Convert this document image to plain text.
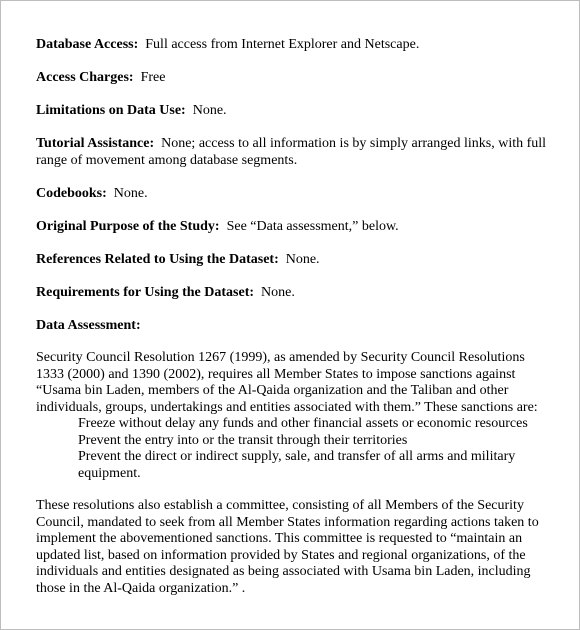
Database Access: Full access from Internet Explorer and Netscape.
Access Charges: Free
Limitations on Data Use: None.
Tutorial Assistance: None; access to all information is by simply arranged links, with full range of movement among database segments.
Codebooks: None.
Original Purpose of the Study: See “Data assessment,” below.
References Related to Using the Dataset: None.
Requirements for Using the Dataset: None.
Data Assessment:

Security Council Resolution 1267 (1999), as amended by Security Council Resolutions 1333 (2000) and 1390 (2002), requires all Member States to impose sanctions against “Usama bin Laden, members of the Al-Qaida organization and the Taliban and other individuals, groups, undertakings and entities associated with them.” These sanctions are:

Freeze without delay any funds and other financial assets or economic resources
Prevent the entry into or the transit through their territories
Prevent the direct or indirect supply, sale, and transfer of all arms and military equipment.

These resolutions also establish a committee, consisting of all Members of the Security Council, mandated to seek from all Member States information regarding actions taken to implement the abovementioned sanctions. This committee is requested to “maintain an updated list, based on information provided by States and regional organizations, of the individuals and entities designated as being associated with Usama bin Laden, including those in the Al-Qaida organization.” .
